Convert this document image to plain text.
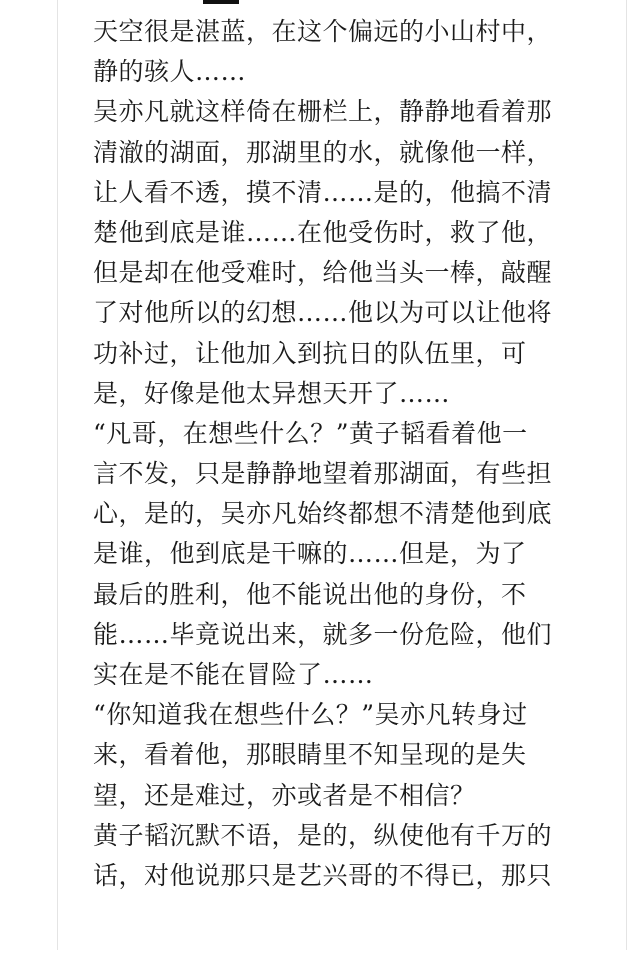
天空很是湛蓝，在这个偏远的小山村中，
静的骇人……
吴亦凡就这样倚在栅栏上，静静地看着那
清澈的湖面，那湖里的水，就像他一样，
让人看不透，摸不清……是的，他搞不清
楚他到底是谁……在他受伤时，救了他，
但是却在他受难时，给他当头一棒，敲醒
了对他所以的幻想……他以为可以让他将
功补过，让他加入到抗日的队伍里，可
是，好像是他太异想天开了……
“凡哥，在想些什么？”黄子韬看着他一
言不发，只是静静地望着那湖面，有些担
心，是的，吴亦凡始终都想不清楚他到底
是谁，他到底是干嘛的……但是，为了
最后的胜利，他不能说出他的身份，不
能……毕竟说出来，就多一份危险，他们
实在是不能在冒险了……
“你知道我在想些什么？”吴亦凡转身过
来，看着他，那眼睛里不知呈现的是失
望，还是难过，亦或者是不相信？
黄子韬沉默不语，是的，纵使他有千万的
话，对他说那只是艺兴哥的不得已，那只
